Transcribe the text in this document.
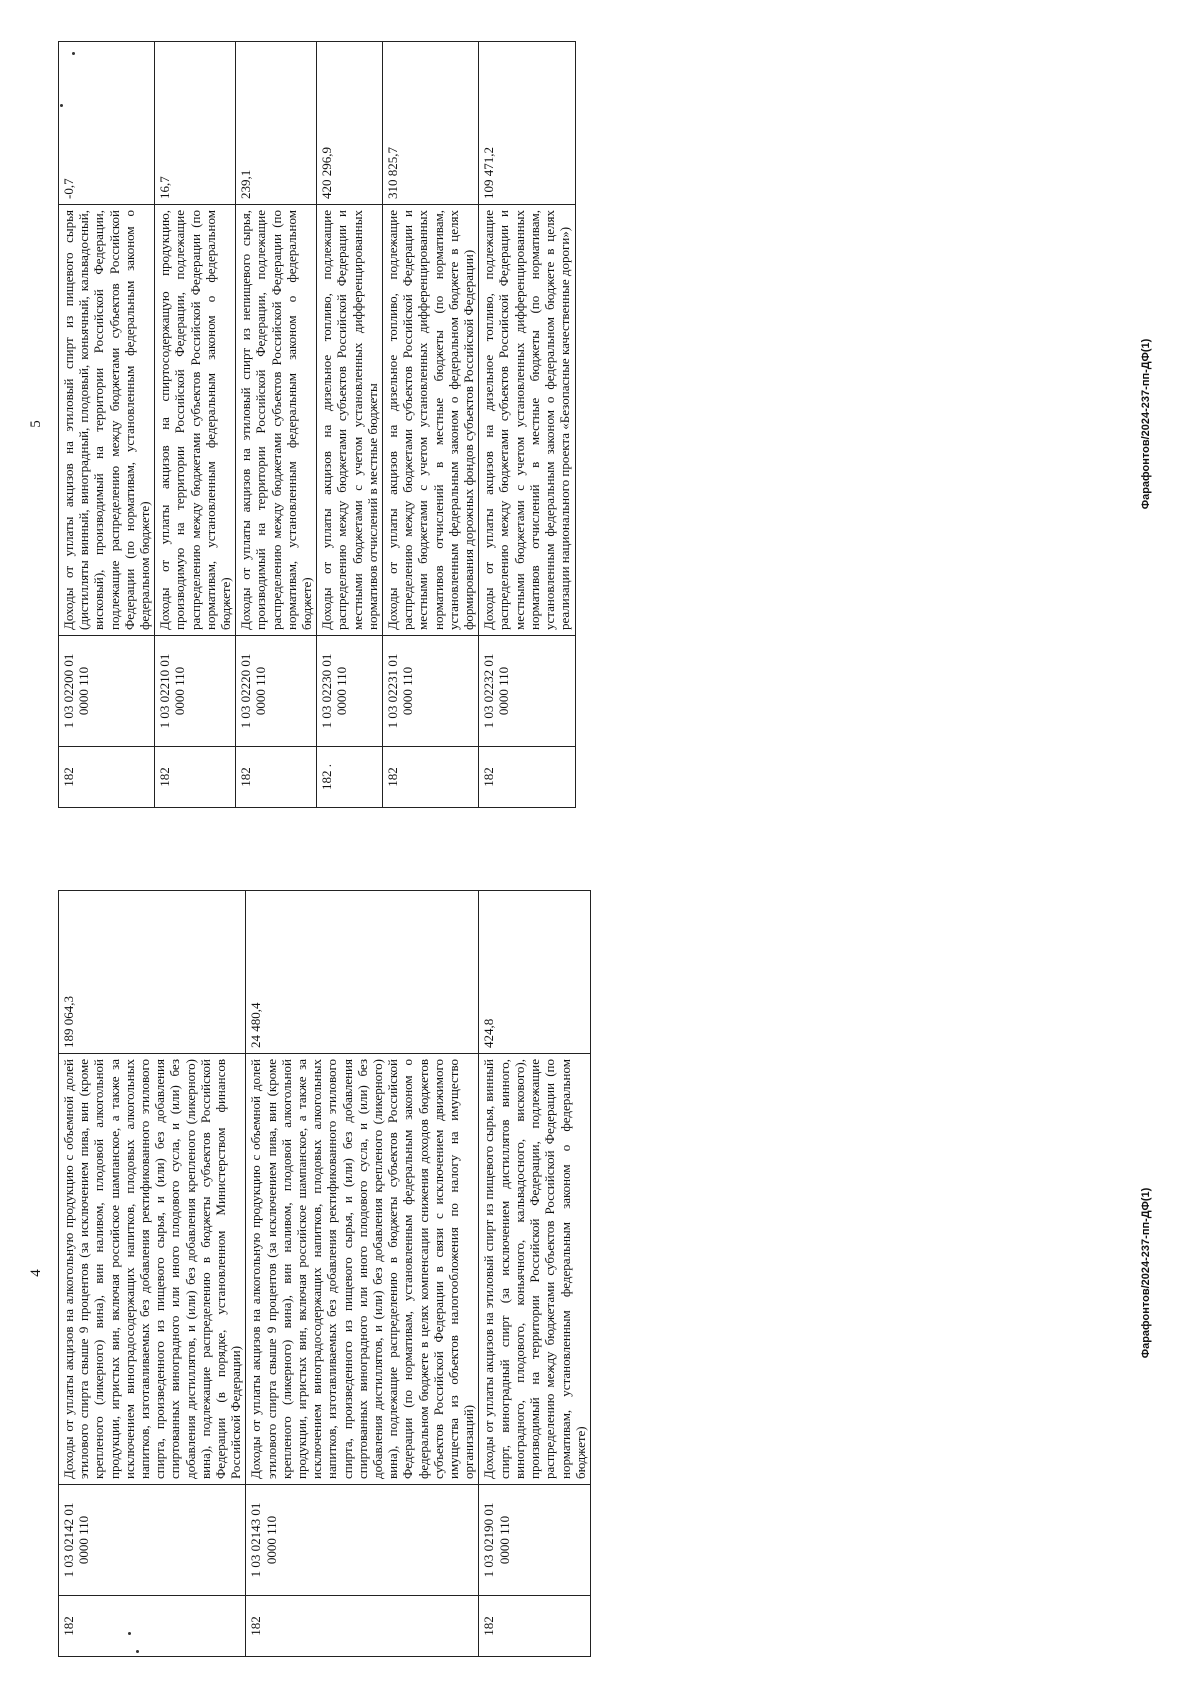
5
182	1 03 02200 01 0000 110	Доходы от уплаты акцизов на этиловый спирт из пищевого сырья (дистилляты винный, виноградный, плодовый, коньячный, кальвадосный, висковый), производимый на территории Российской Федерации, подлежащие распределению между бюджетами субъектов Российской Федерации (по нормативам, установленным федеральным законом о федеральном бюджете)	-0,7
182	1 03 02210 01 0000 110	Доходы от уплаты акцизов на спиртосодержащую продукцию, производимую на территории Российской Федерации, подлежащие распределению между бюджетами субъектов Российской Федерации (по нормативам, установленным федеральным законом о федеральном бюджете)	16,7
182	1 03 02220 01 0000 110	Доходы от уплаты акцизов на этиловый спирт из непищевого сырья, производимый на территории Российской Федерации, подлежащие распределению между бюджетами субъектов Российской Федерации (по нормативам, установленным федеральным законом о федеральном бюджете)	239,1
182 .	1 03 02230 01 0000 110	Доходы от уплаты акцизов на дизельное топливо, подлежащие распределению между бюджетами субъектов Российской Федерации и местными бюджетами с учетом установленных дифференцированных нормативов отчислений в местные бюджеты	420 296,9
182	1 03 02231 01 0000 110	Доходы от уплаты акцизов на дизельное топливо, подлежащие распределению между бюджетами субъектов Российской Федерации и местными бюджетами с учетом установленных дифференцированных нормативов отчислений в местные бюджеты (по нормативам, установленным федеральным законом о федеральном бюджете в целях формирования дорожных фондов субъектов Российской Федерации)	310 825,7
182	1 03 02232 01 0000 110	Доходы от уплаты акцизов на дизельное топливо, подлежащие распределению между бюджетами субъектов Российской Федерации и местными бюджетами с учетом установленных дифференцированных нормативов отчислений в местные бюджеты (по нормативам, установленным федеральным законом о федеральном бюджете в целях реализации национального проекта «Безопасные качественные дороги»)	109 471,2
Фарафонтов/2024-237-пп-ДФ(1)
4
182	1 03 02142 01 0000 110	Доходы от уплаты акцизов на алкогольную продукцию с объемной долей этилового спирта свыше 9 процентов (за исключением пива, вин (кроме крепленого (ликерного) вина), вин наливом, плодовой алкогольной продукции, игристых вин, включая российское шампанское, а также за исключением виноградосодержащих напитков, плодовых алкогольных напитков, изготавливаемых без добавления ректификованного этилового спирта, произведенного из пищевого сырья, и (или) без добавления спиртованных виноградного или иного плодового сусла, и (или) без добавления дистиллятов, и (или) без добавления крепленого (ликерного) вина), подлежащие распределению в бюджеты субъектов Российской Федерации (в порядке, установленном Министерством финансов Российской Федерации)	189 064,3
182	1 03 02143 01 0000 110	Доходы от уплаты акцизов на алкогольную продукцию с объемной долей этилового спирта свыше 9 процентов (за исключением пива, вин (кроме крепленого (ликерного) вина), вин наливом, плодовой алкогольной продукции, игристых вин, включая российское шампанское, а также за исключением виноградосодержащих напитков, плодовых алкогольных напитков, изготавливаемых без добавления ректификованного этилового спирта, произведенного из пищевого сырья, и (или) без добавления спиртованных виноградного или иного плодового сусла, и (или) без добавления дистиллятов, и (или) без добавления крепленого (ликерного) вина), подлежащие распределению в бюджеты субъектов Российской Федерации (по нормативам, установленным федеральным законом о федеральном бюджете в целях компенсации снижения доходов бюджетов субъектов Российской Федерации в связи с исключением движимого имущества из объектов налогообложения по налогу на имущество организаций)	24 480,4
182	1 03 02190 01 0000 110	Доходы от уплаты акцизов на этиловый спирт из пищевого сырья, винный спирт, виноградный спирт (за исключением дистиллятов винного, виноградного, плодового, коньячного, кальвадосного, вискового), производимый на территории Российской Федерации, подлежащие распределению между бюджетами субъектов Российской Федерации (по нормативам, установленным федеральным законом о федеральном бюджете)	424,8
Фарафонтов/2024-237-пп-ДФ(1)
